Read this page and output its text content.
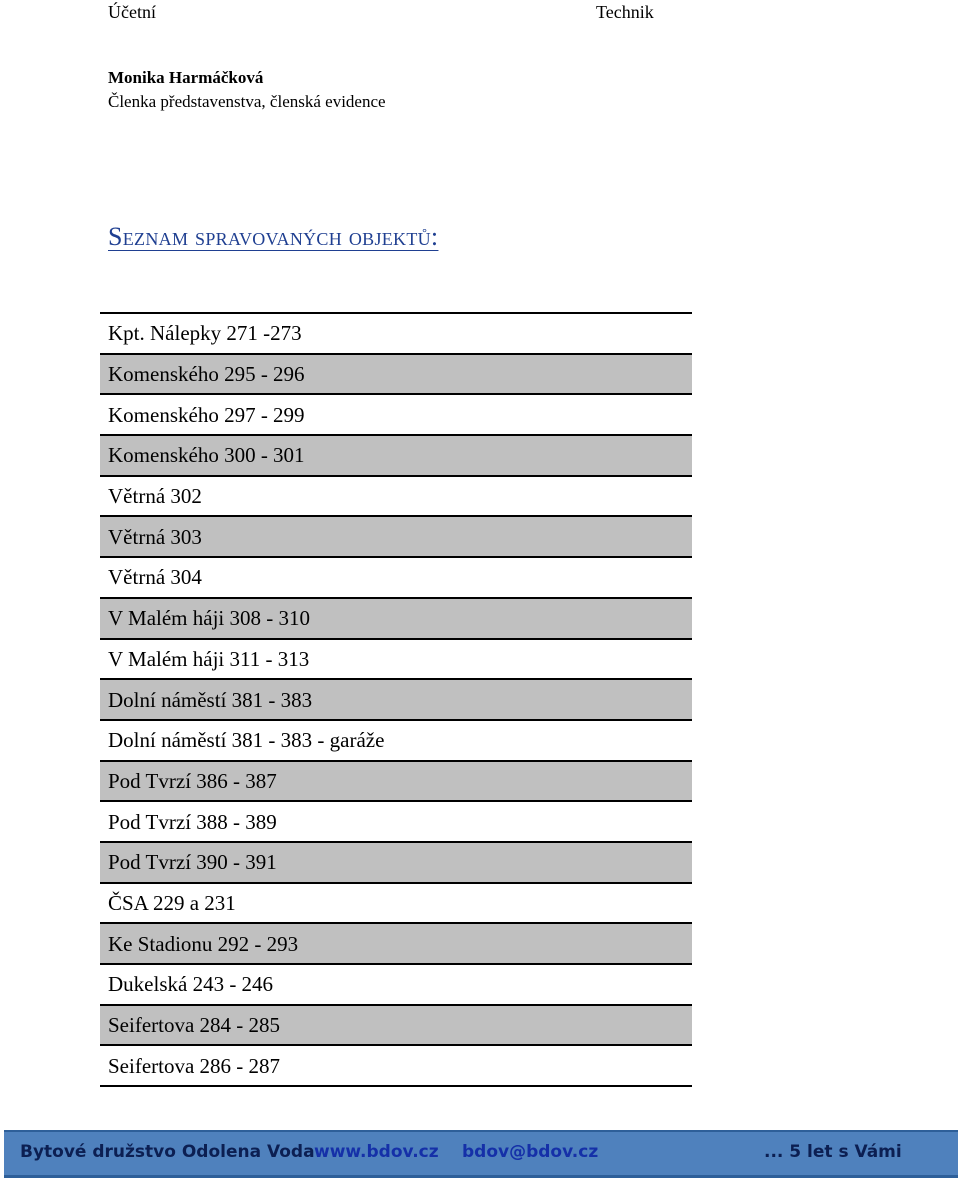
Účetní	Technik
Monika Harmáčková
Členka představenstva, členská evidence
Seznam spravovaných objektů:
Kpt. Nálepky 271 -273
Komenského 295 - 296
Komenského 297 - 299
Komenského 300 - 301
Větrná 302
Větrná 303
Větrná 304
V Malém háji 308 - 310
V Malém háji 311 - 313
Dolní náměstí 381 - 383
Dolní náměstí 381 - 383 - garáže
Pod Tvrzí 386 - 387
Pod Tvrzí 388 - 389
Pod Tvrzí 390 - 391
ČSA 229 a 231
Ke Stadionu 292 - 293
Dukelská 243 - 246
Seifertova 284 - 285
Seifertova 286 - 287
Bytové družstvo Odolena Voda www.bdov.cz bdov@bdov.cz	... 5 let s Vámi
